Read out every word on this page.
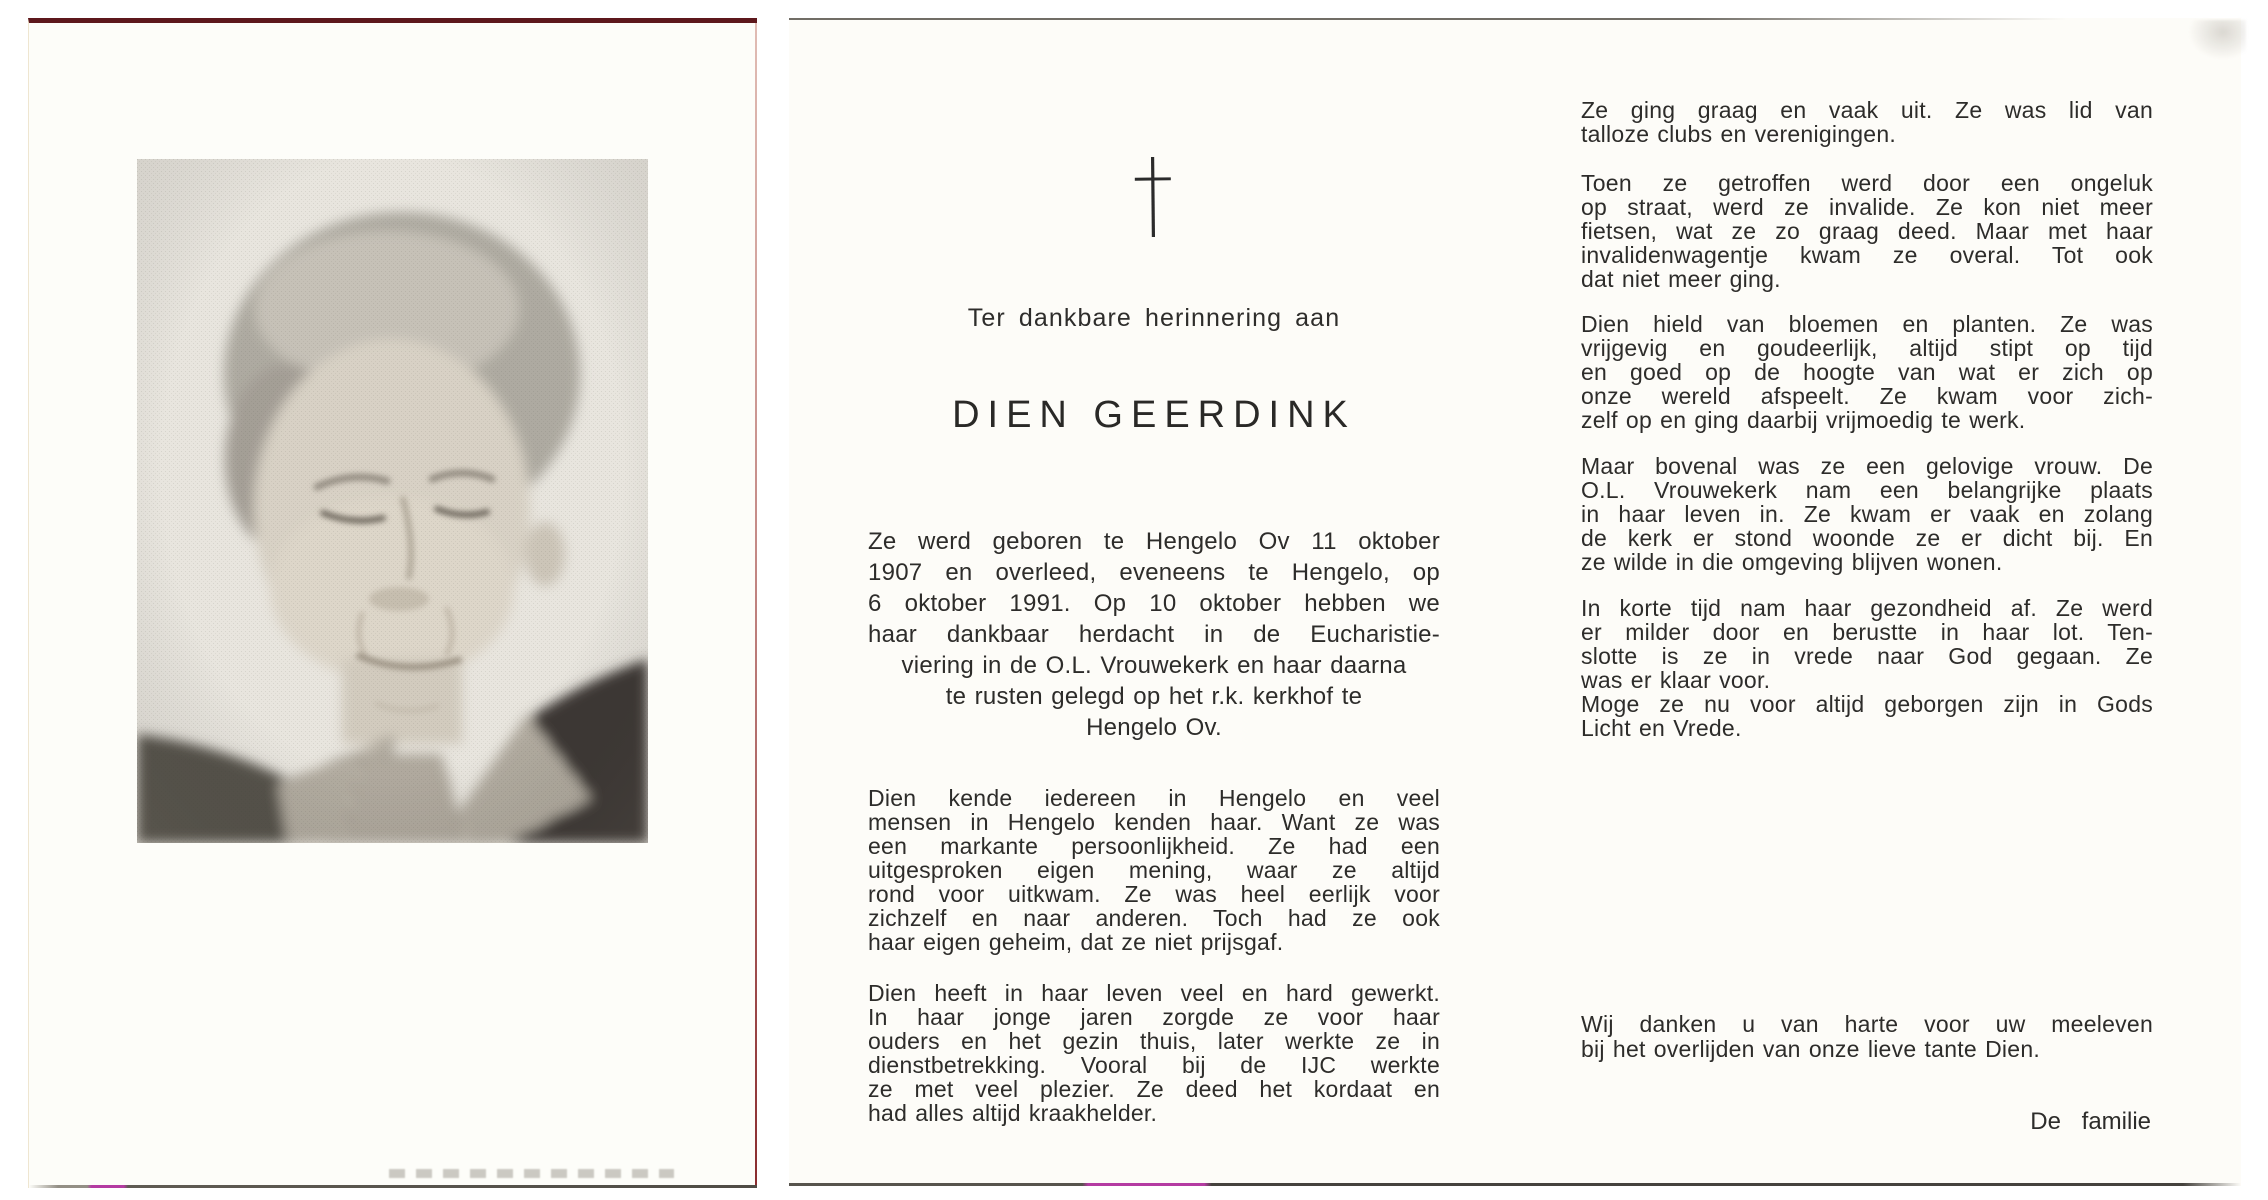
Ter dankbare herinnering aan
DIEN GEERDINK
Ze werd geboren te Hengelo Ov 11 oktober
1907 en overleed, eveneens te Hengelo, op
6 oktober 1991. Op 10 oktober hebben we
haar dankbaar herdacht in de Eucharistie-
viering in de O.L. Vrouwekerk en haar daarna
te rusten gelegd op het r.k. kerkhof te
Hengelo Ov.
Dien kende iedereen in Hengelo en veel
mensen in Hengelo kenden haar. Want ze was
een markante persoonlijkheid. Ze had een
uitgesproken eigen mening, waar ze altijd
rond voor uitkwam. Ze was heel eerlijk voor
zichzelf en naar anderen. Toch had ze ook
haar eigen geheim, dat ze niet prijsgaf.
Dien heeft in haar leven veel en hard gewerkt.
In haar jonge jaren zorgde ze voor haar
ouders en het gezin thuis, later werkte ze in
dienstbetrekking. Vooral bij de IJC werkte
ze met veel plezier. Ze deed het kordaat en
had alles altijd kraakhelder.
Ze ging graag en vaak uit. Ze was lid van
talloze clubs en verenigingen.
Toen ze getroffen werd door een ongeluk
op straat, werd ze invalide. Ze kon niet meer
fietsen, wat ze zo graag deed. Maar met haar
invalidenwagentje kwam ze overal. Tot ook
dat niet meer ging.
Dien hield van bloemen en planten. Ze was
vrijgevig en goudeerlijk, altijd stipt op tijd
en goed op de hoogte van wat er zich op
onze wereld afspeelt. Ze kwam voor zich-
zelf op en ging daarbij vrijmoedig te werk.
Maar bovenal was ze een gelovige vrouw. De
O.L. Vrouwekerk nam een belangrijke plaats
in haar leven in. Ze kwam er vaak en zolang
de kerk er stond woonde ze er dicht bij. En
ze wilde in die omgeving blijven wonen.
In korte tijd nam haar gezondheid af. Ze werd
er milder door en berustte in haar lot. Ten-
slotte is ze in vrede naar God gegaan. Ze
was er klaar voor.
Moge ze nu voor altijd geborgen zijn in Gods
Licht en Vrede.
Wij danken u van harte voor uw meeleven
bij het overlijden van onze lieve tante Dien.
De familie
